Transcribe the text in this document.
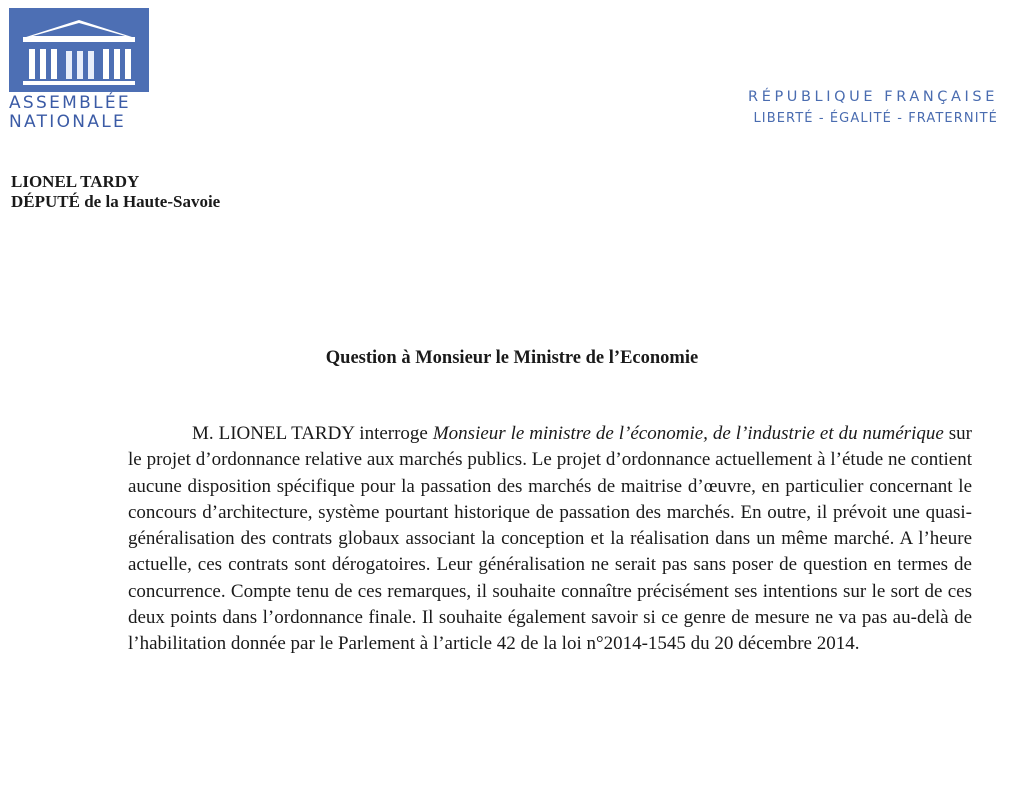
ASSEMBLÉE
NATIONALE
RÉPUBLIQUE FRANÇAISE
LIBERTÉ - ÉGALITÉ - FRATERNITÉ
LIONEL TARDY
DÉPUTÉ de la Haute-Savoie
Question à Monsieur le Ministre de l’Economie
M. LIONEL TARDY interroge Monsieur le ministre de l’économie, de l’industrie et du numérique sur le projet d’ordonnance relative aux marchés publics. Le projet d’ordonnance actuellement à l’étude ne contient aucune disposition spécifique pour la passation des marchés de maitrise d’œuvre, en particulier concernant le concours d’architecture, système pourtant historique de passation des marchés. En outre, il prévoit une quasi-généralisation des contrats globaux associant la conception et la réalisation dans un même marché. A l’heure actuelle, ces contrats sont dérogatoires. Leur généralisation ne serait pas sans poser de question en termes de concurrence. Compte tenu de ces remarques, il souhaite connaître précisément ses intentions sur le sort de ces deux points dans l’ordonnance finale. Il souhaite également savoir si ce genre de mesure ne va pas au-delà de l’habilitation donnée par le Parlement à l’article 42 de la loi n°2014-1545 du 20 décembre 2014.
